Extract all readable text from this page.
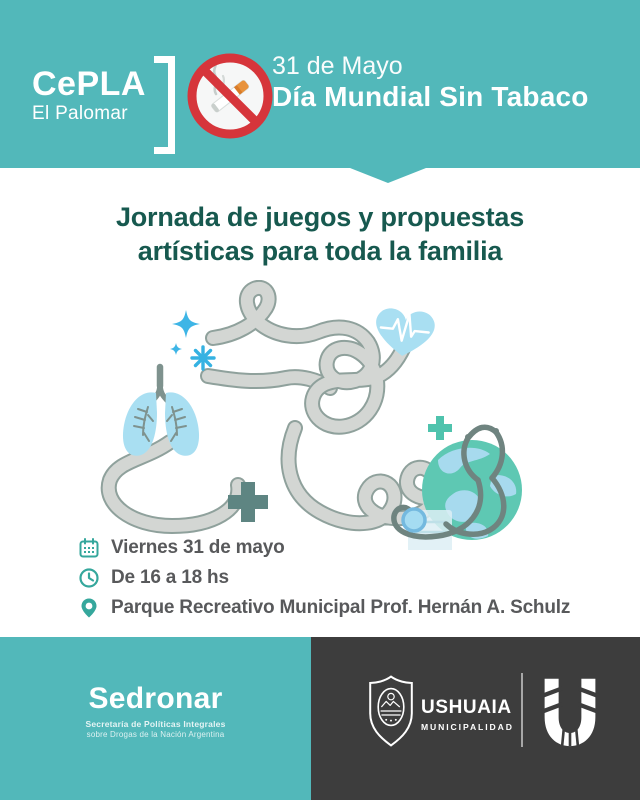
CePLA
El Palomar
31 de Mayo
Día Mundial Sin Tabaco
Jornada de juegos y propuestas
artísticas para toda la familia
Viernes 31 de mayo
De 16 a 18 hs
Parque Recreativo Municipal Prof. Hernán A. Schulz
Sedronar
Secretaría de Políticas Integrales
sobre Drogas de la Nación Argentina
USHUAIA
MUNICIPALIDAD
